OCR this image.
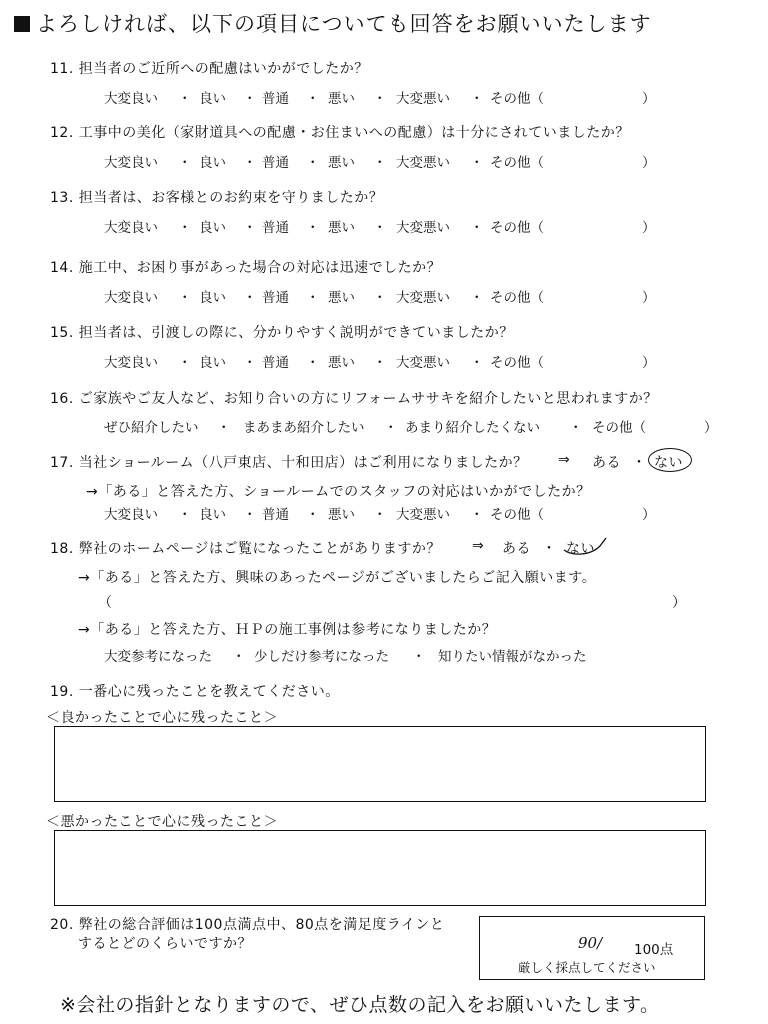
よろしければ、以下の項目についても回答をお願いいたします
11. 担当者のご近所への配慮はいかがでしたか？
大変良い	良い	普通	悪い	大変悪い	その他（	）
・	・	・	・	・
12. 工事中の美化（家財道具への配慮・お住まいへの配慮）は十分にされていましたか？
大変良い	良い	普通	悪い	大変悪い	その他（	）
・	・	・	・	・
13. 担当者は、お客様とのお約束を守りましたか？
大変良い	良い	普通	悪い	大変悪い	その他（	）
・	・	・	・	・
14. 施工中、お困り事があった場合の対応は迅速でしたか？
大変良い	良い	普通	悪い	大変悪い	その他（	）
・	・	・	・	・
15. 担当者は、引渡しの際に、分かりやすく説明ができていましたか？
大変良い	良い	普通	悪い	大変悪い	その他（	）
・	・	・	・	・
16. ご家族やご友人など、お知り合いの方にリフォームササキを紹介したいと思われますか？
ぜひ紹介したい ・ まあまあ紹介したい ・ あまり紹介したくない ・ その他（	）
17. 当社ショールーム（八戸東店、十和田店）はご利用になりましたか？ ⇒ ある ・ ない
→「ある」と答えた方、ショールームでのスタッフの対応はいかがでしたか？
大変良い	良い	普通	悪い	大変悪い	その他（	）
・	・	・	・	・
18. 弊社のホームページはご覧になったことがありますか？ ⇒ ある ・ ない
→「ある」と答えた方、興味のあったページがございましたらご記入願います。
（	）
→「ある」と答えた方、ＨＰの施工事例は参考になりましたか？
大変参考になった ・ 少しだけ参考になった ・ 知りたい情報がなかった
19. 一番心に残ったことを教えてください。
＜良かったことで心に残ったこと＞
＜悪かったことで心に残ったこと＞
20. 弊社の総合評価は100点満点中、80点を満足度ラインと
するとどのくらいですか？	90/ 100点
厳しく採点してください
※会社の指針となりますので、ぜひ点数の記入をお願いいたします。
